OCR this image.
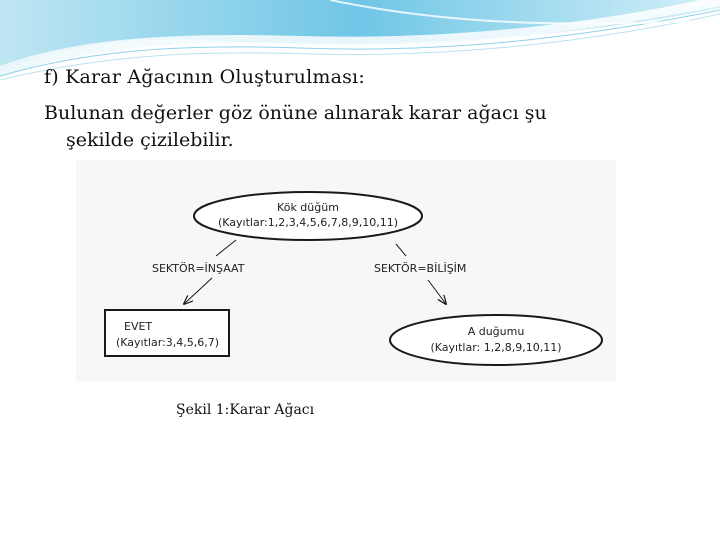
f) Karar Ağacının Oluşturulması:

Bulunan değerler göz önüne alınarak karar ağacı şu

şekilde çizilebilir.

Kök düğüm
(Kayıtlar:1,2,3,4,5,6,7,8,9,10,11)
SEKTÖR=İNŞAAT	SEKTÖR=BİLİŞİM
EVET
(Kayıtlar:3,4,5,6,7)
A duğumu
(Kayıtlar: 1,2,8,9,10,11)

Şekil 1:Karar Ağacı
